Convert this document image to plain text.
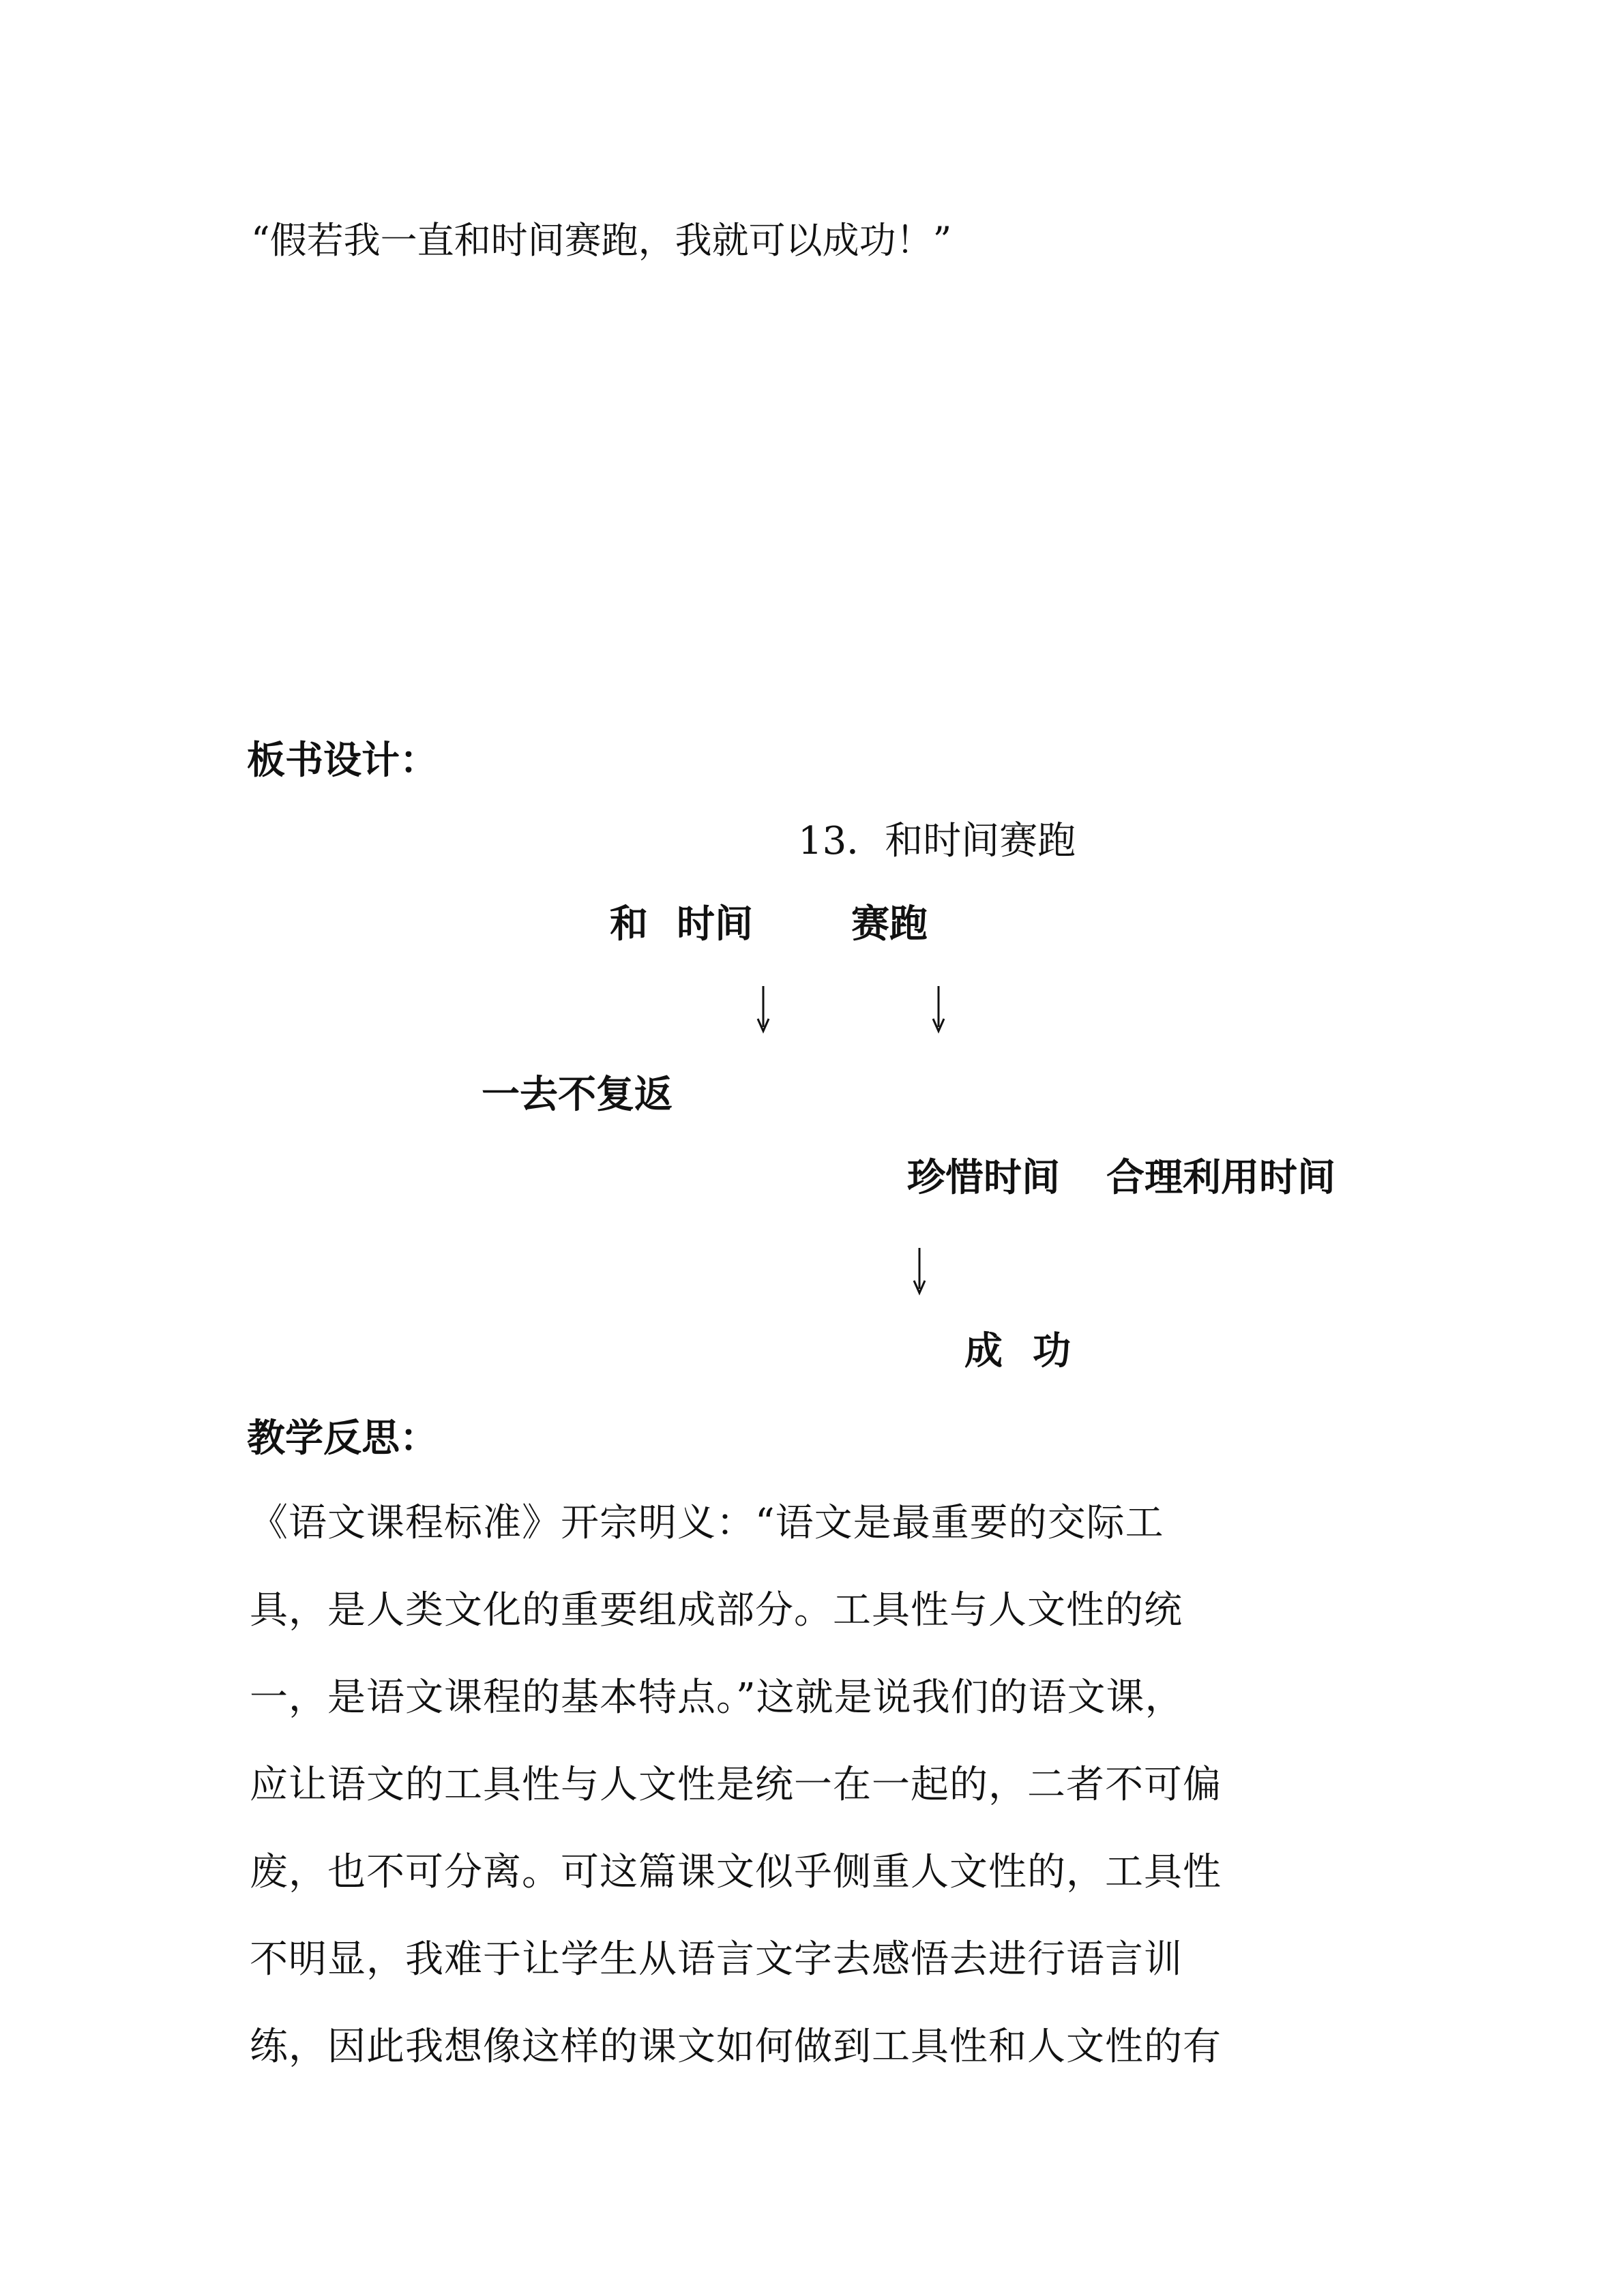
“假若我一直和时间赛跑，我就可以成功！”
板书设计：
13．和时间赛跑
和 时间	赛跑
一去不复返
珍惜时间 合理利用时间
成 功
教学反思：
《语文课程标准》开宗明义：“语文是最重要的交际工
具，是人类文化的重要组成部分。工具性与人文性的统
一，是语文课程的基本特点。”这就是说我们的语文课，
应让语文的工具性与人文性是统一在一起的，二者不可偏
废，也不可分离。可这篇课文似乎侧重人文性的，工具性
不明显，我难于让学生从语言文字去感悟去进行语言训
练，因此我想像这样的课文如何做到工具性和人文性的有
